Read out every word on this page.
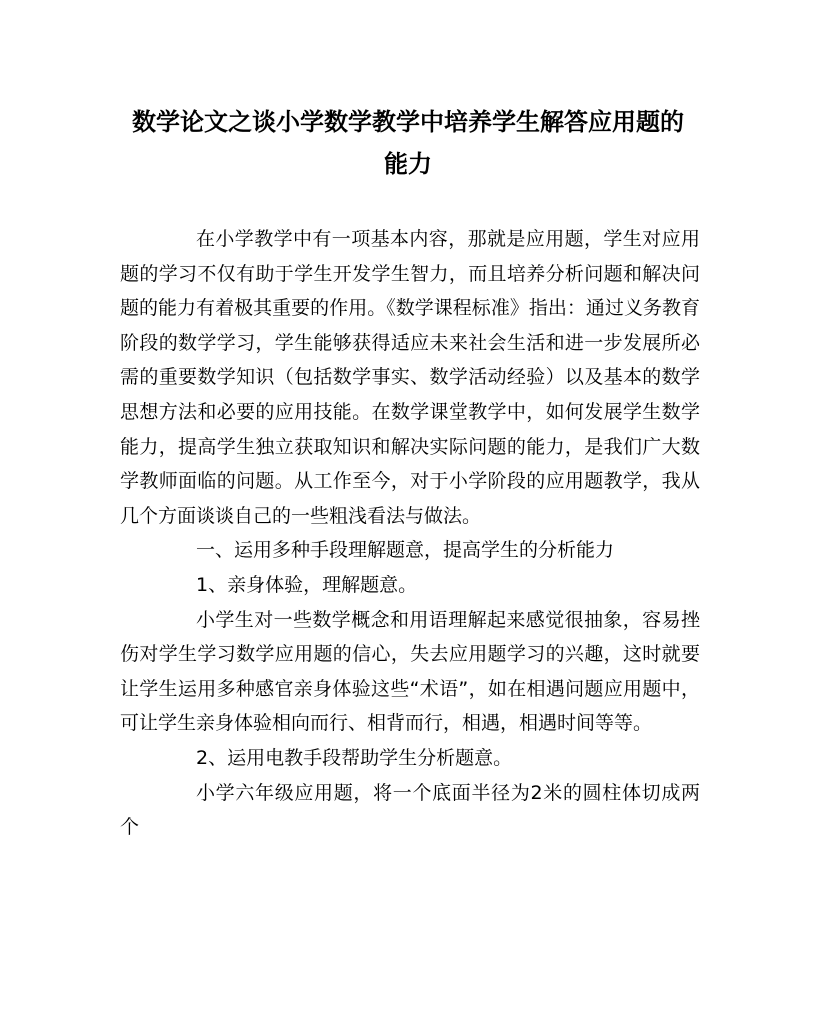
数学论文之谈小学数学教学中培养学生解答应用题的
能力

在小学教学中有一项基本内容，那就是应用题，学生对应用题的学习不仅有助于学生开发学生智力，而且培养分析问题和解决问题的能力有着极其重要的作用。《数学课程标准》指出：通过义务教育阶段的数学学习，学生能够获得适应未来社会生活和进一步发展所必需的重要数学知识（包括数学事实、数学活动经验）以及基本的数学思想方法和必要的应用技能。在数学课堂教学中，如何发展学生数学能力，提高学生独立获取知识和解决实际问题的能力，是我们广大数学教师面临的问题。从工作至今，对于小学阶段的应用题教学，我从几个方面谈谈自己的一些粗浅看法与做法。

一、运用多种手段理解题意，提高学生的分析能力

1、亲身体验，理解题意。

小学生对一些数学概念和用语理解起来感觉很抽象，容易挫伤对学生学习数学应用题的信心，失去应用题学习的兴趣，这时就要让学生运用多种感官亲身体验这些“术语”，如在相遇问题应用题中，可让学生亲身体验相向而行、相背而行，相遇，相遇时间等等。

2、运用电教手段帮助学生分析题意。

小学六年级应用题，将一个底面半径为2米的圆柱体切成两个
